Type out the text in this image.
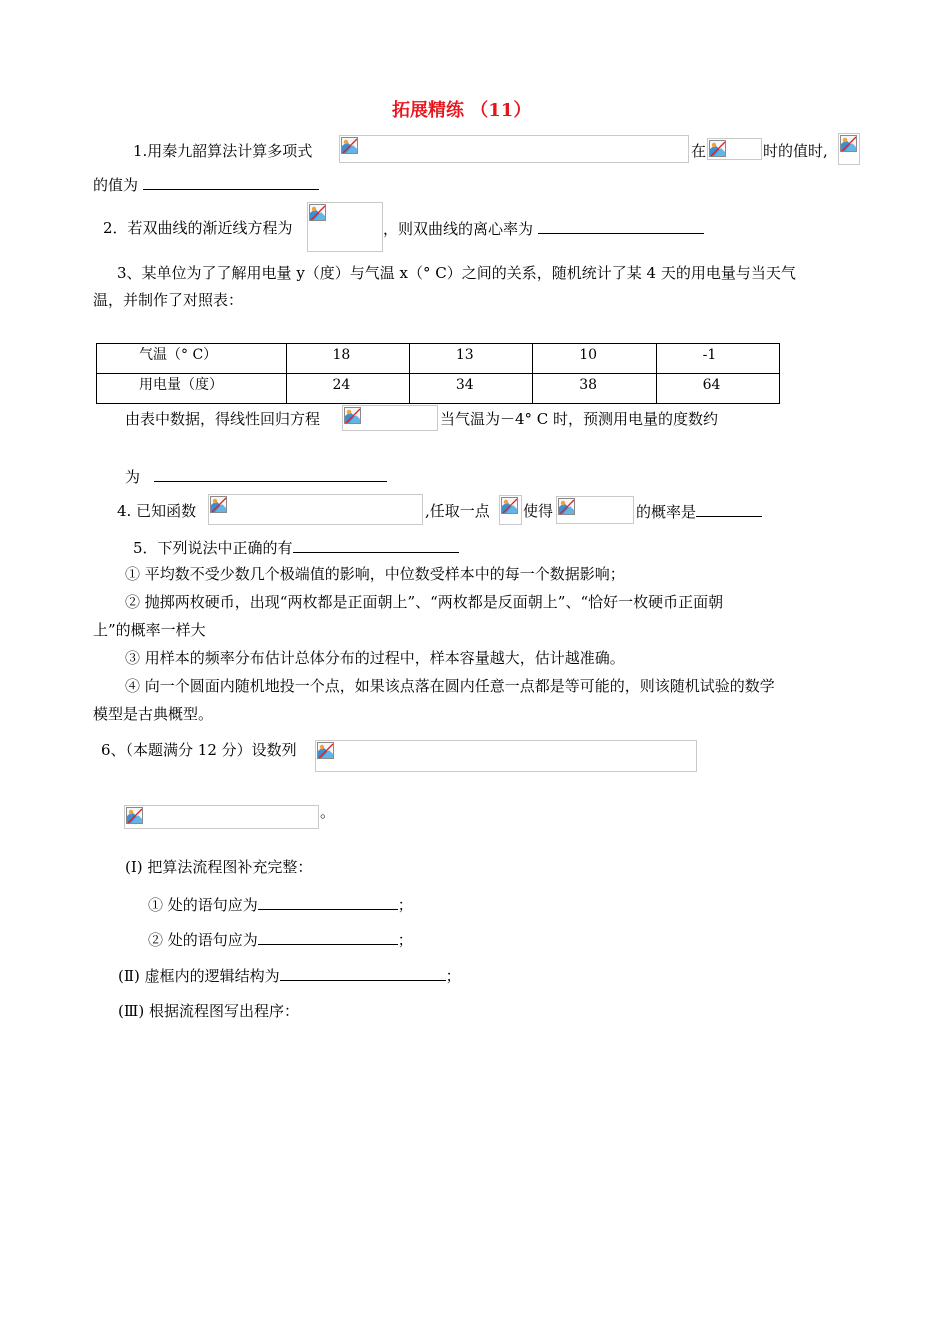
拓展精练 （11）
1.用秦九韶算法计算多项式	在	时的值时,
的值为
2．若双曲线的渐近线方程为	，则双曲线的离心率为
3、某单位为了了解用电量 y（度）与气温 x（° C）之间的关系，随机统计了某 4 天的用电量与当天气
温，并制作了对照表：
气温（° C）	18	13	10	-1
用电量（度）	24	34	38	64
由表中数据，得线性回归方程	当气温为－4° C 时，预测用电量的度数约
为
4. 已知函数	,任取一点 使得	的概率是
5．下列说法中正确的有
① 平均数不受少数几个极端值的影响，中位数受样本中的每一个数据影响；
② 抛掷两枚硬币，出现“两枚都是正面朝上”、“两枚都是反面朝上”、“恰好一枚硬币正面朝
上”的概率一样大
③ 用样本的频率分布估计总体分布的过程中，样本容量越大，估计越准确。
④ 向一个圆面内随机地投一个点，如果该点落在圆内任意一点都是等可能的，则该随机试验的数学
模型是古典概型。
6、（本题满分 12 分）设数列
。
(Ⅰ) 把算法流程图补充完整：
① 处的语句应为	；
② 处的语句应为	；
(Ⅱ) 虚框内的逻辑结构为	；
(Ⅲ) 根据流程图写出程序：
